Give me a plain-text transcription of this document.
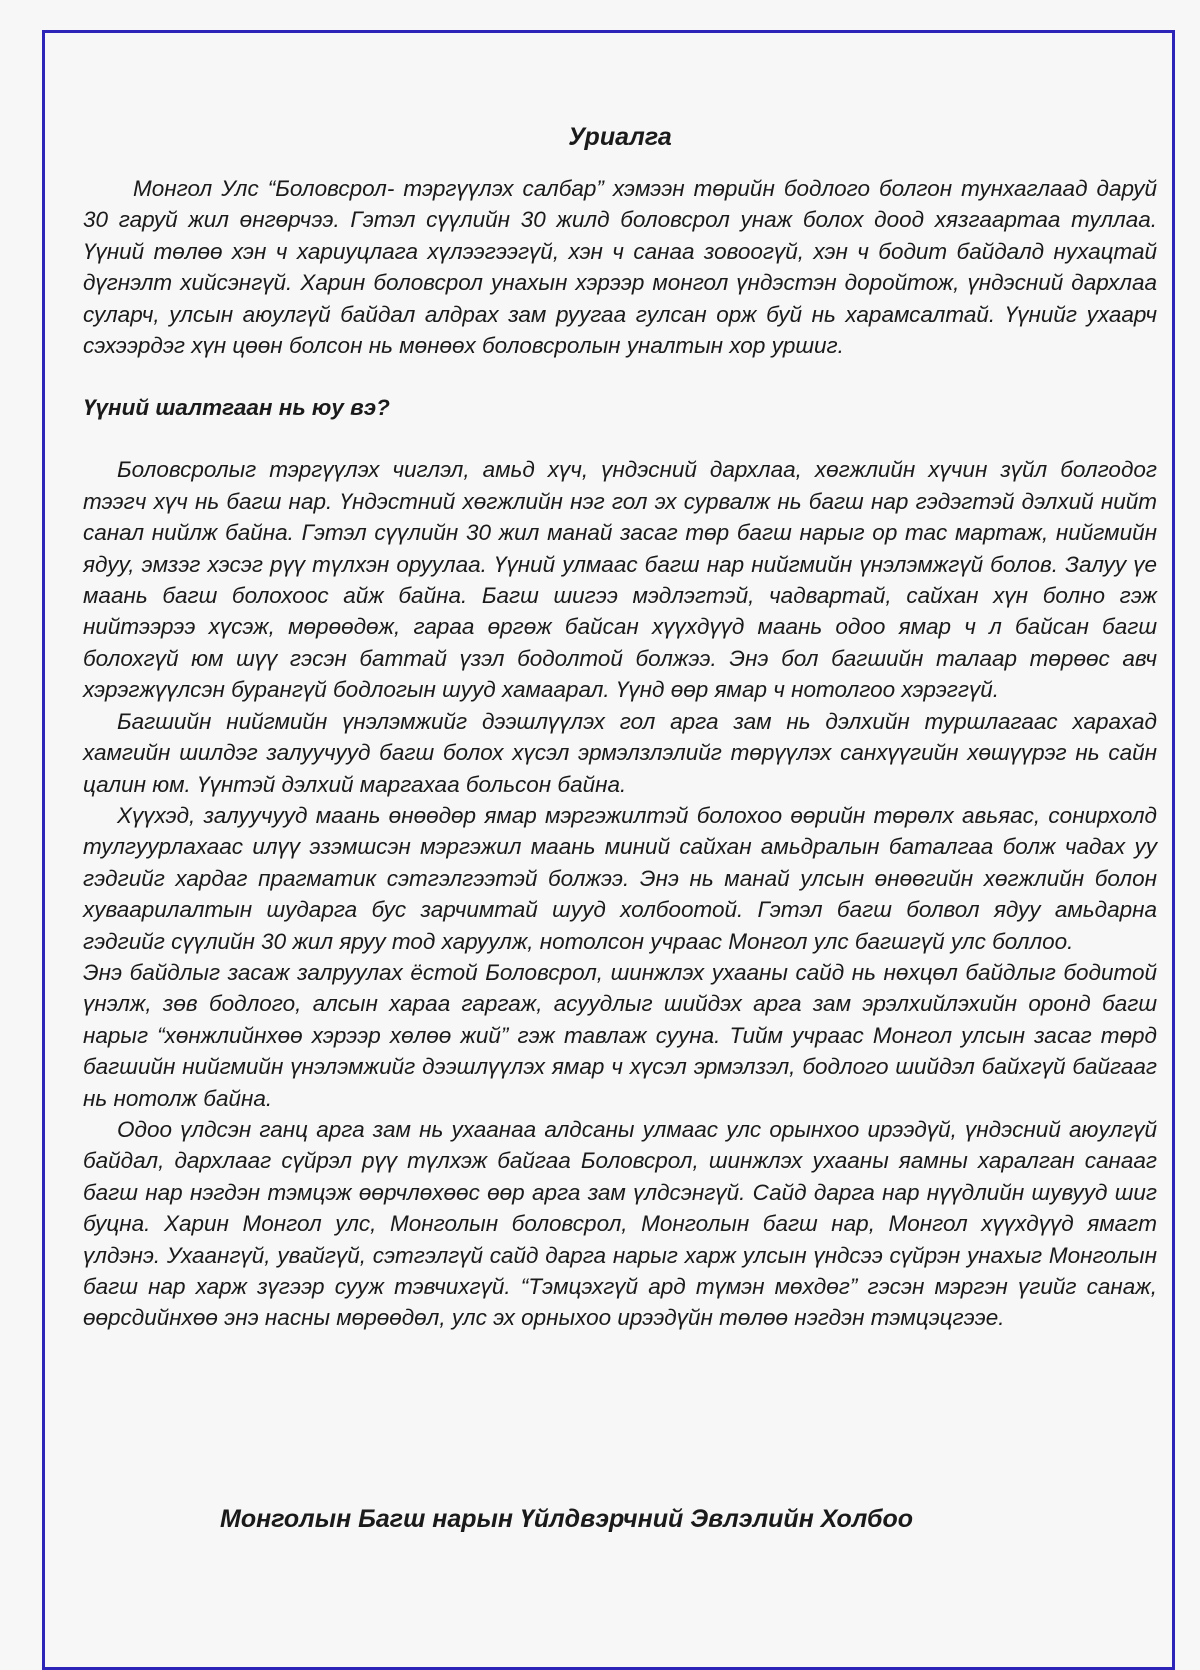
Уриалга

Монгол Улс “Боловсрол- тэргүүлэх салбар” хэмээн төрийн бодлого болгон тунхаглаад даруй 30 гаруй жил өнгөрчээ. Гэтэл сүүлийн 30 жилд боловсрол унаж болох доод хязгаартаа туллаа. Үүний төлөө хэн ч хариуцлага хүлээгээгүй, хэн ч санаа зовоогүй, хэн ч бодит байдалд нухацтай дүгнэлт хийсэнгүй. Харин боловсрол унахын хэрээр монгол үндэстэн доройтож, үндэсний дархлаа суларч, улсын аюулгүй байдал алдрах зам руугаа гулсан орж буй нь харамсалтай. Үүнийг ухаарч сэхээрдэг хүн цөөн болсон нь мөнөөх боловсролын уналтын хор уршиг.

Үүний шалтгаан нь юу вэ?

Боловсролыг тэргүүлэх чиглэл, амьд хүч, үндэсний дархлаа, хөгжлийн хүчин зүйл болгодог тээгч хүч нь багш нар. Үндэстний хөгжлийн нэг гол эх сурвалж нь багш нар гэдэгтэй дэлхий нийт санал нийлж байна. Гэтэл сүүлийн 30 жил манай засаг төр багш нарыг ор тас мартаж, нийгмийн ядуу, эмзэг хэсэг рүү түлхэн оруулаа. Үүний улмаас багш нар нийгмийн үнэлэмжгүй болов. Залуу үе маань багш болохоос айж байна. Багш шигээ мэдлэгтэй, чадвартай, сайхан хүн болно гэж нийтээрээ хүсэж, мөрөөдөж, гараа өргөж байсан хүүхдүүд маань одоо ямар ч л байсан багш болохгүй юм шүү гэсэн баттай үзэл бодолтой болжээ. Энэ бол багшийн талаар төрөөс авч хэрэгжүүлсэн бурангүй бодлогын шууд хамаарал. Үүнд өөр ямар ч нотолгоо хэрэггүй.

Багшийн нийгмийн үнэлэмжийг дээшлүүлэх гол арга зам нь дэлхийн туршлагаас харахад хамгийн шилдэг залуучууд багш болох хүсэл эрмэлзлэлийг төрүүлэх санхүүгийн хөшүүрэг нь сайн цалин юм. Үүнтэй дэлхий маргахаа больсон байна.

Хүүхэд, залуучууд маань өнөөдөр ямар мэргэжилтэй болохоо өөрийн төрөлх авьяас, сонирхолд тулгуурлахаас илүү эзэмшсэн мэргэжил маань миний сайхан амьдралын баталгаа болж чадах уу гэдгийг хардаг прагматик сэтгэлгээтэй болжээ. Энэ нь манай улсын өнөөгийн хөгжлийн болон хуваарилалтын шударга бус зарчимтай шууд холбоотой. Гэтэл багш болвол ядуу амьдарна гэдгийг сүүлийн 30 жил яруу тод харуулж, нотолсон учраас Монгол улс багшгүй улс боллоо.

Энэ байдлыг засаж залруулах ёстой Боловсрол, шинжлэх ухааны сайд нь нөхцөл байдлыг бодитой үнэлж, зөв бодлого, алсын хараа гаргаж, асуудлыг шийдэх арга зам эрэлхийлэхийн оронд багш нарыг “хөнжлийнхөө хэрээр хөлөө жий” гэж тавлаж сууна. Тийм учраас Монгол улсын засаг төрд багшийн нийгмийн үнэлэмжийг дээшлүүлэх ямар ч хүсэл эрмэлзэл, бодлого шийдэл байхгүй байгааг нь нотолж байна.

Одоо үлдсэн ганц арга зам нь ухаанаа алдсаны улмаас улс орынхоо ирээдүй, үндэсний аюулгүй байдал, дархлааг сүйрэл рүү түлхэж байгаа Боловсрол, шинжлэх ухааны яамны харалган санааг багш нар нэгдэн тэмцэж өөрчлөхөөс өөр арга зам үлдсэнгүй. Сайд дарга нар нүүдлийн шувууд шиг буцна. Харин Монгол улс, Монголын боловсрол, Монголын багш нар, Монгол хүүхдүүд ямагт үлдэнэ. Ухаангүй, увайгүй, сэтгэлгүй сайд дарга нарыг харж улсын үндсээ сүйрэн унахыг Монголын багш нар харж зүгээр сууж тэвчихгүй. “Тэмцэхгүй ард түмэн мөхдөг” гэсэн мэргэн үгийг санаж, өөрсдийнхөө энэ насны мөрөөдөл, улс эх орныхоо ирээдүйн төлөө нэгдэн тэмцэцгээе.

Монголын Багш нарын Үйлдвэрчний Эвлэлийн Холбоо
